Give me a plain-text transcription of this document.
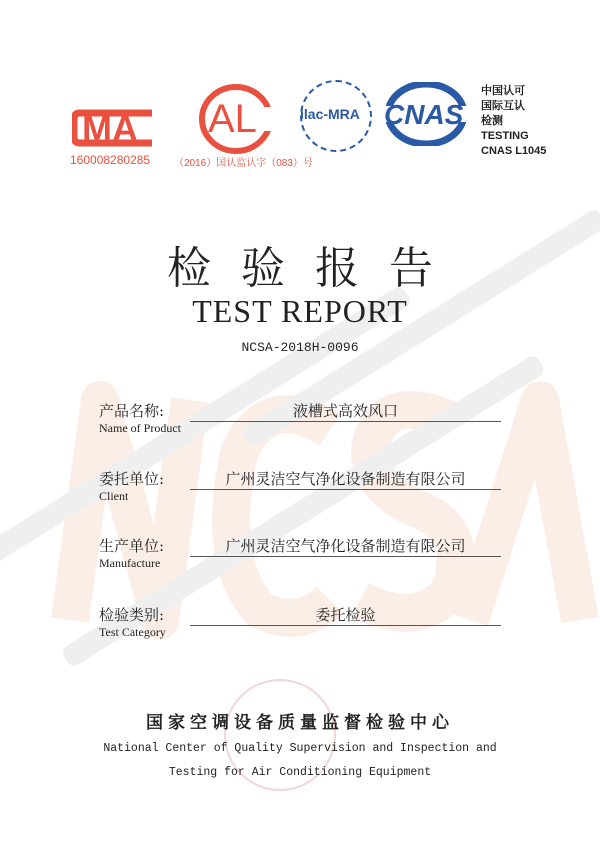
MA
160008280285
AL
（2016）国认监认字（083）号
ilac-MRA CNAS
中国认可
国际互认
检测
TESTING
CNAS L1045
检验报告
TEST REPORT
NCSA-2018H-0096
产品名称:
Name of Product
液槽式高效风口
委托单位:
Client
广州灵洁空气净化设备制造有限公司
生产单位:
Manufacture
广州灵洁空气净化设备制造有限公司
检验类别:
Test Category
委托检验
国家空调设备质量监督检验中心
National Center of Quality Supervision and Inspection and
Testing for Air Conditioning Equipment
